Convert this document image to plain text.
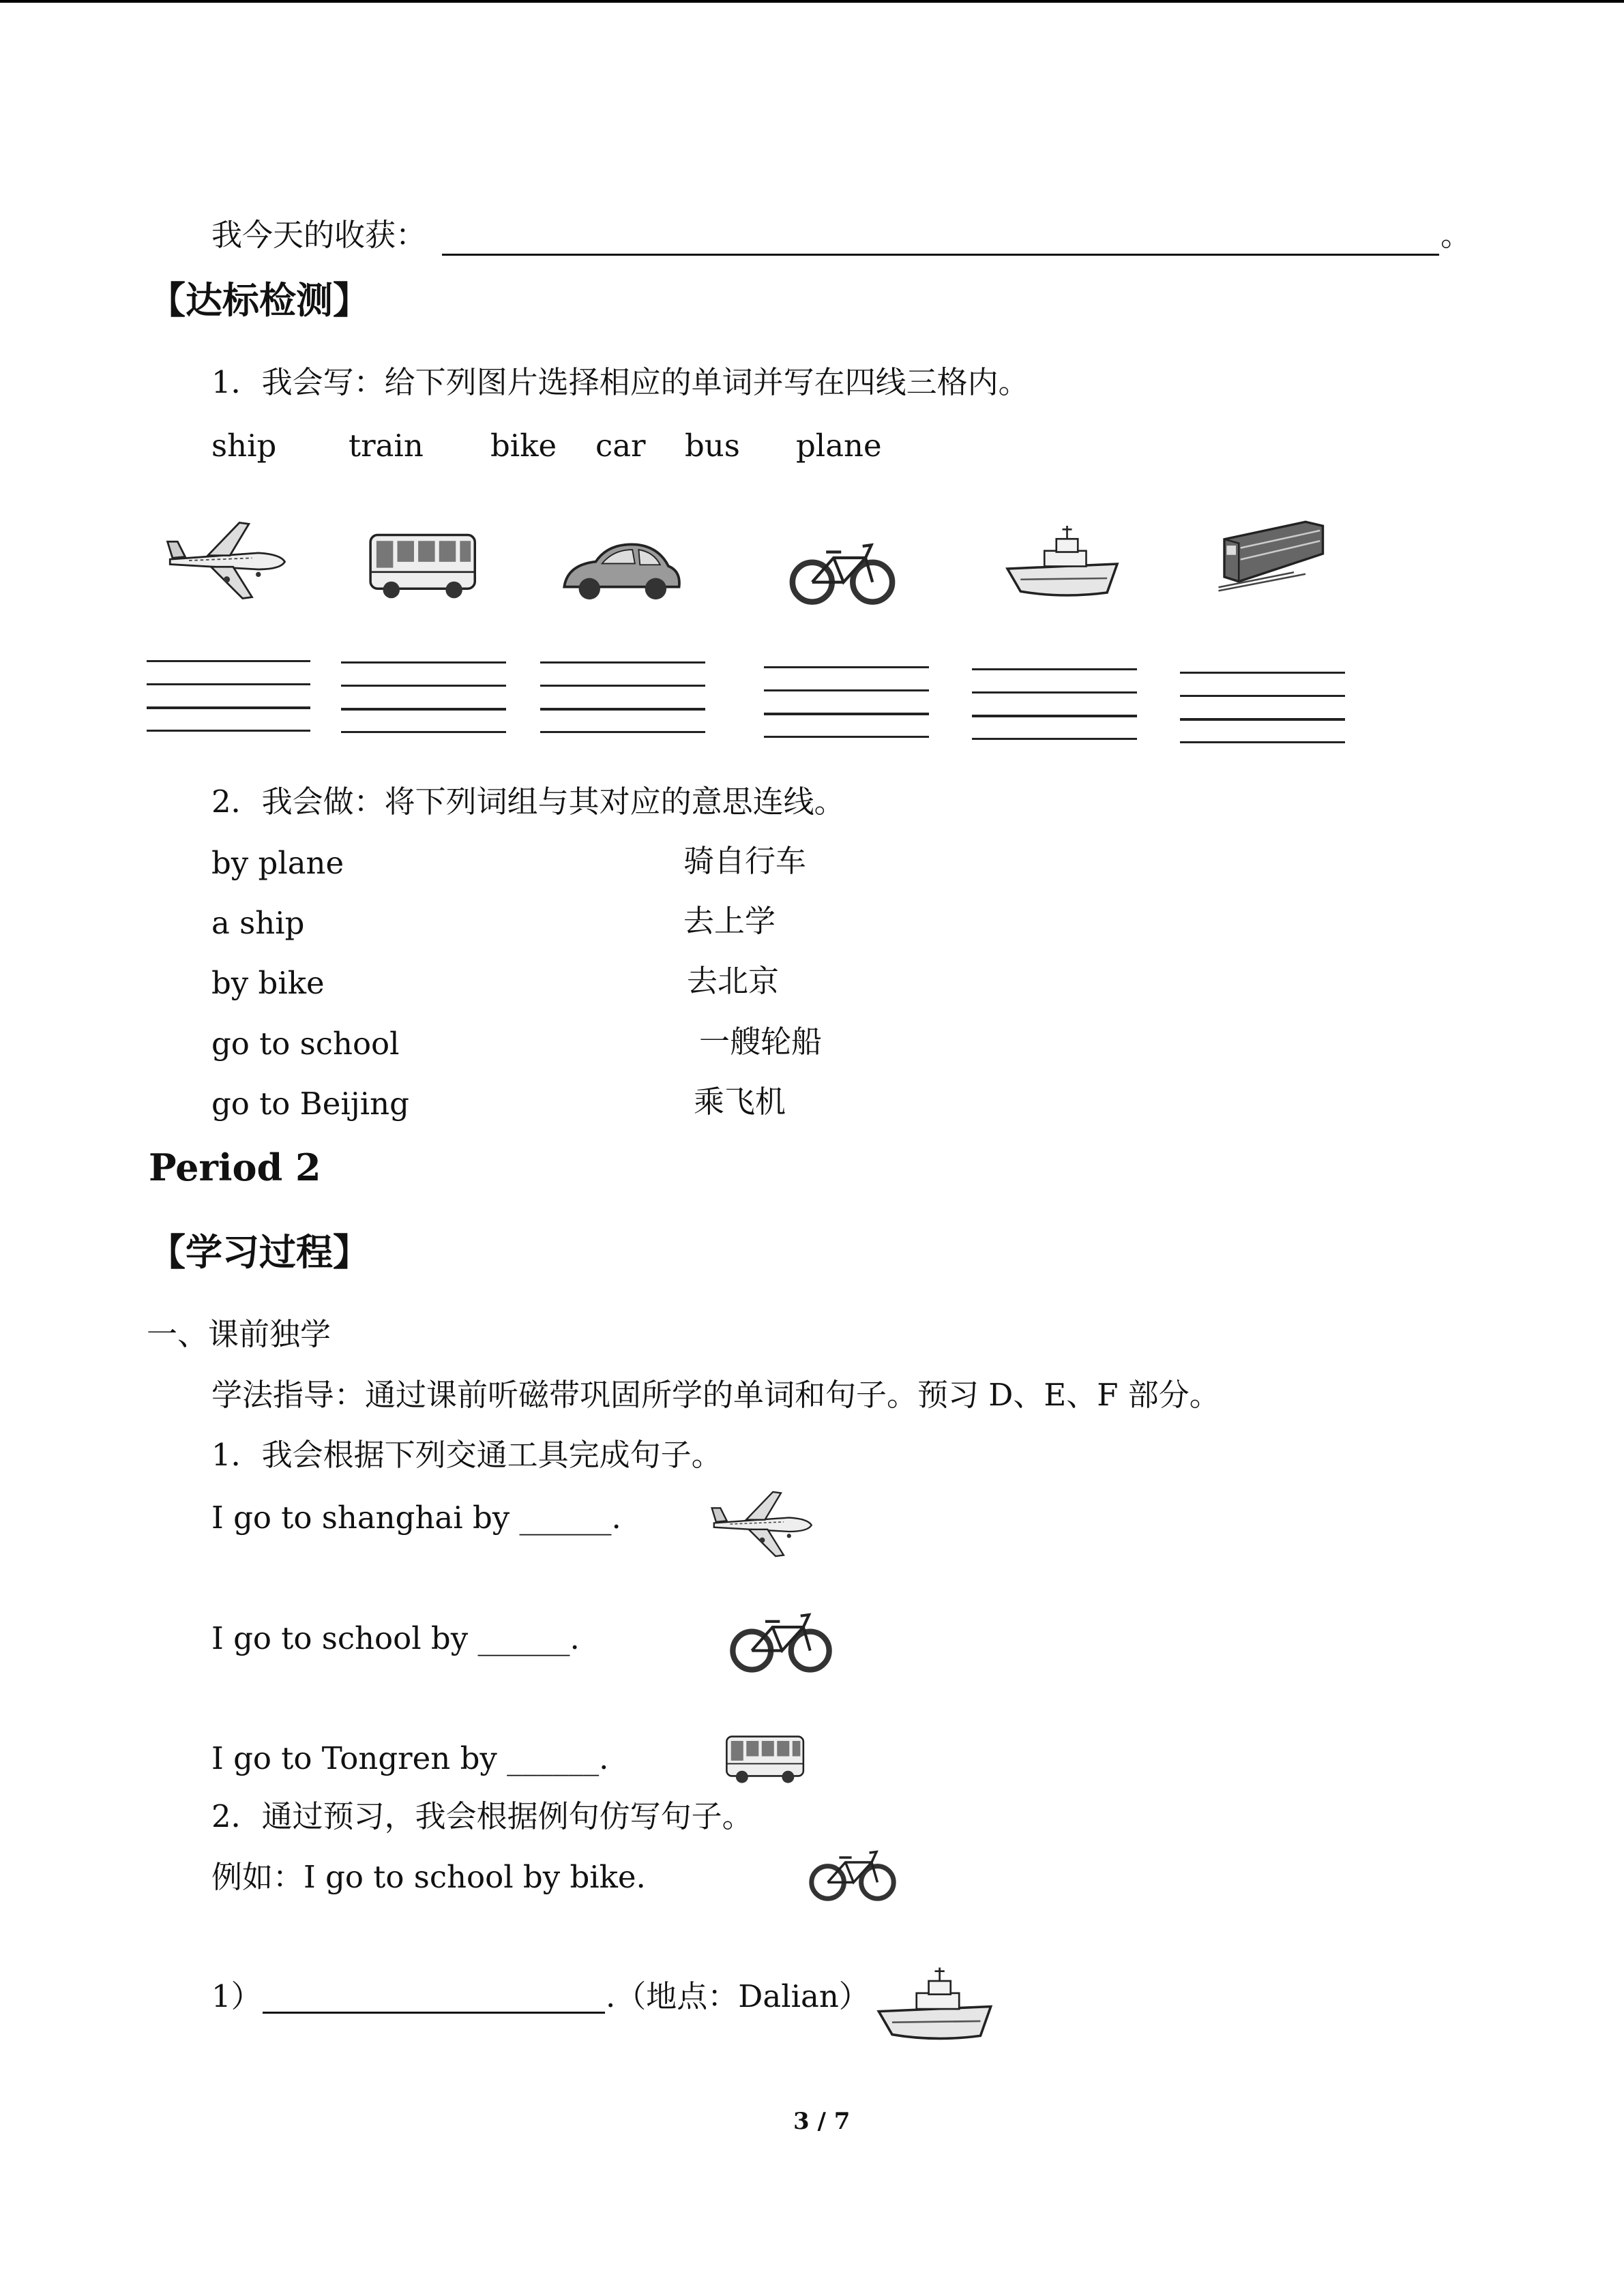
我今天的收获：	。
【达标检测】
1．我会写：给下列图片选择相应的单词并写在四线三格内。
ship train bike car bus plane
2．我会做：将下列词组与其对应的意思连线。
by plane
a ship
by bike
go to school
go to Beijing
骑自行车
去上学
去北京
一艘轮船
乘飞机
Period 2
【学习过程】
一、课前独学
学法指导：通过课前听磁带巩固所学的单词和句子。预习 D、E、F 部分。
1．我会根据下列交通工具完成句子。
I go to shanghai by ______.
I go to school by ______.
I go to Tongren by ______.
2．通过预习，我会根据例句仿写句子。
例如：I go to school by bike.
1）	.（地点：Dalian）
3 / 7
